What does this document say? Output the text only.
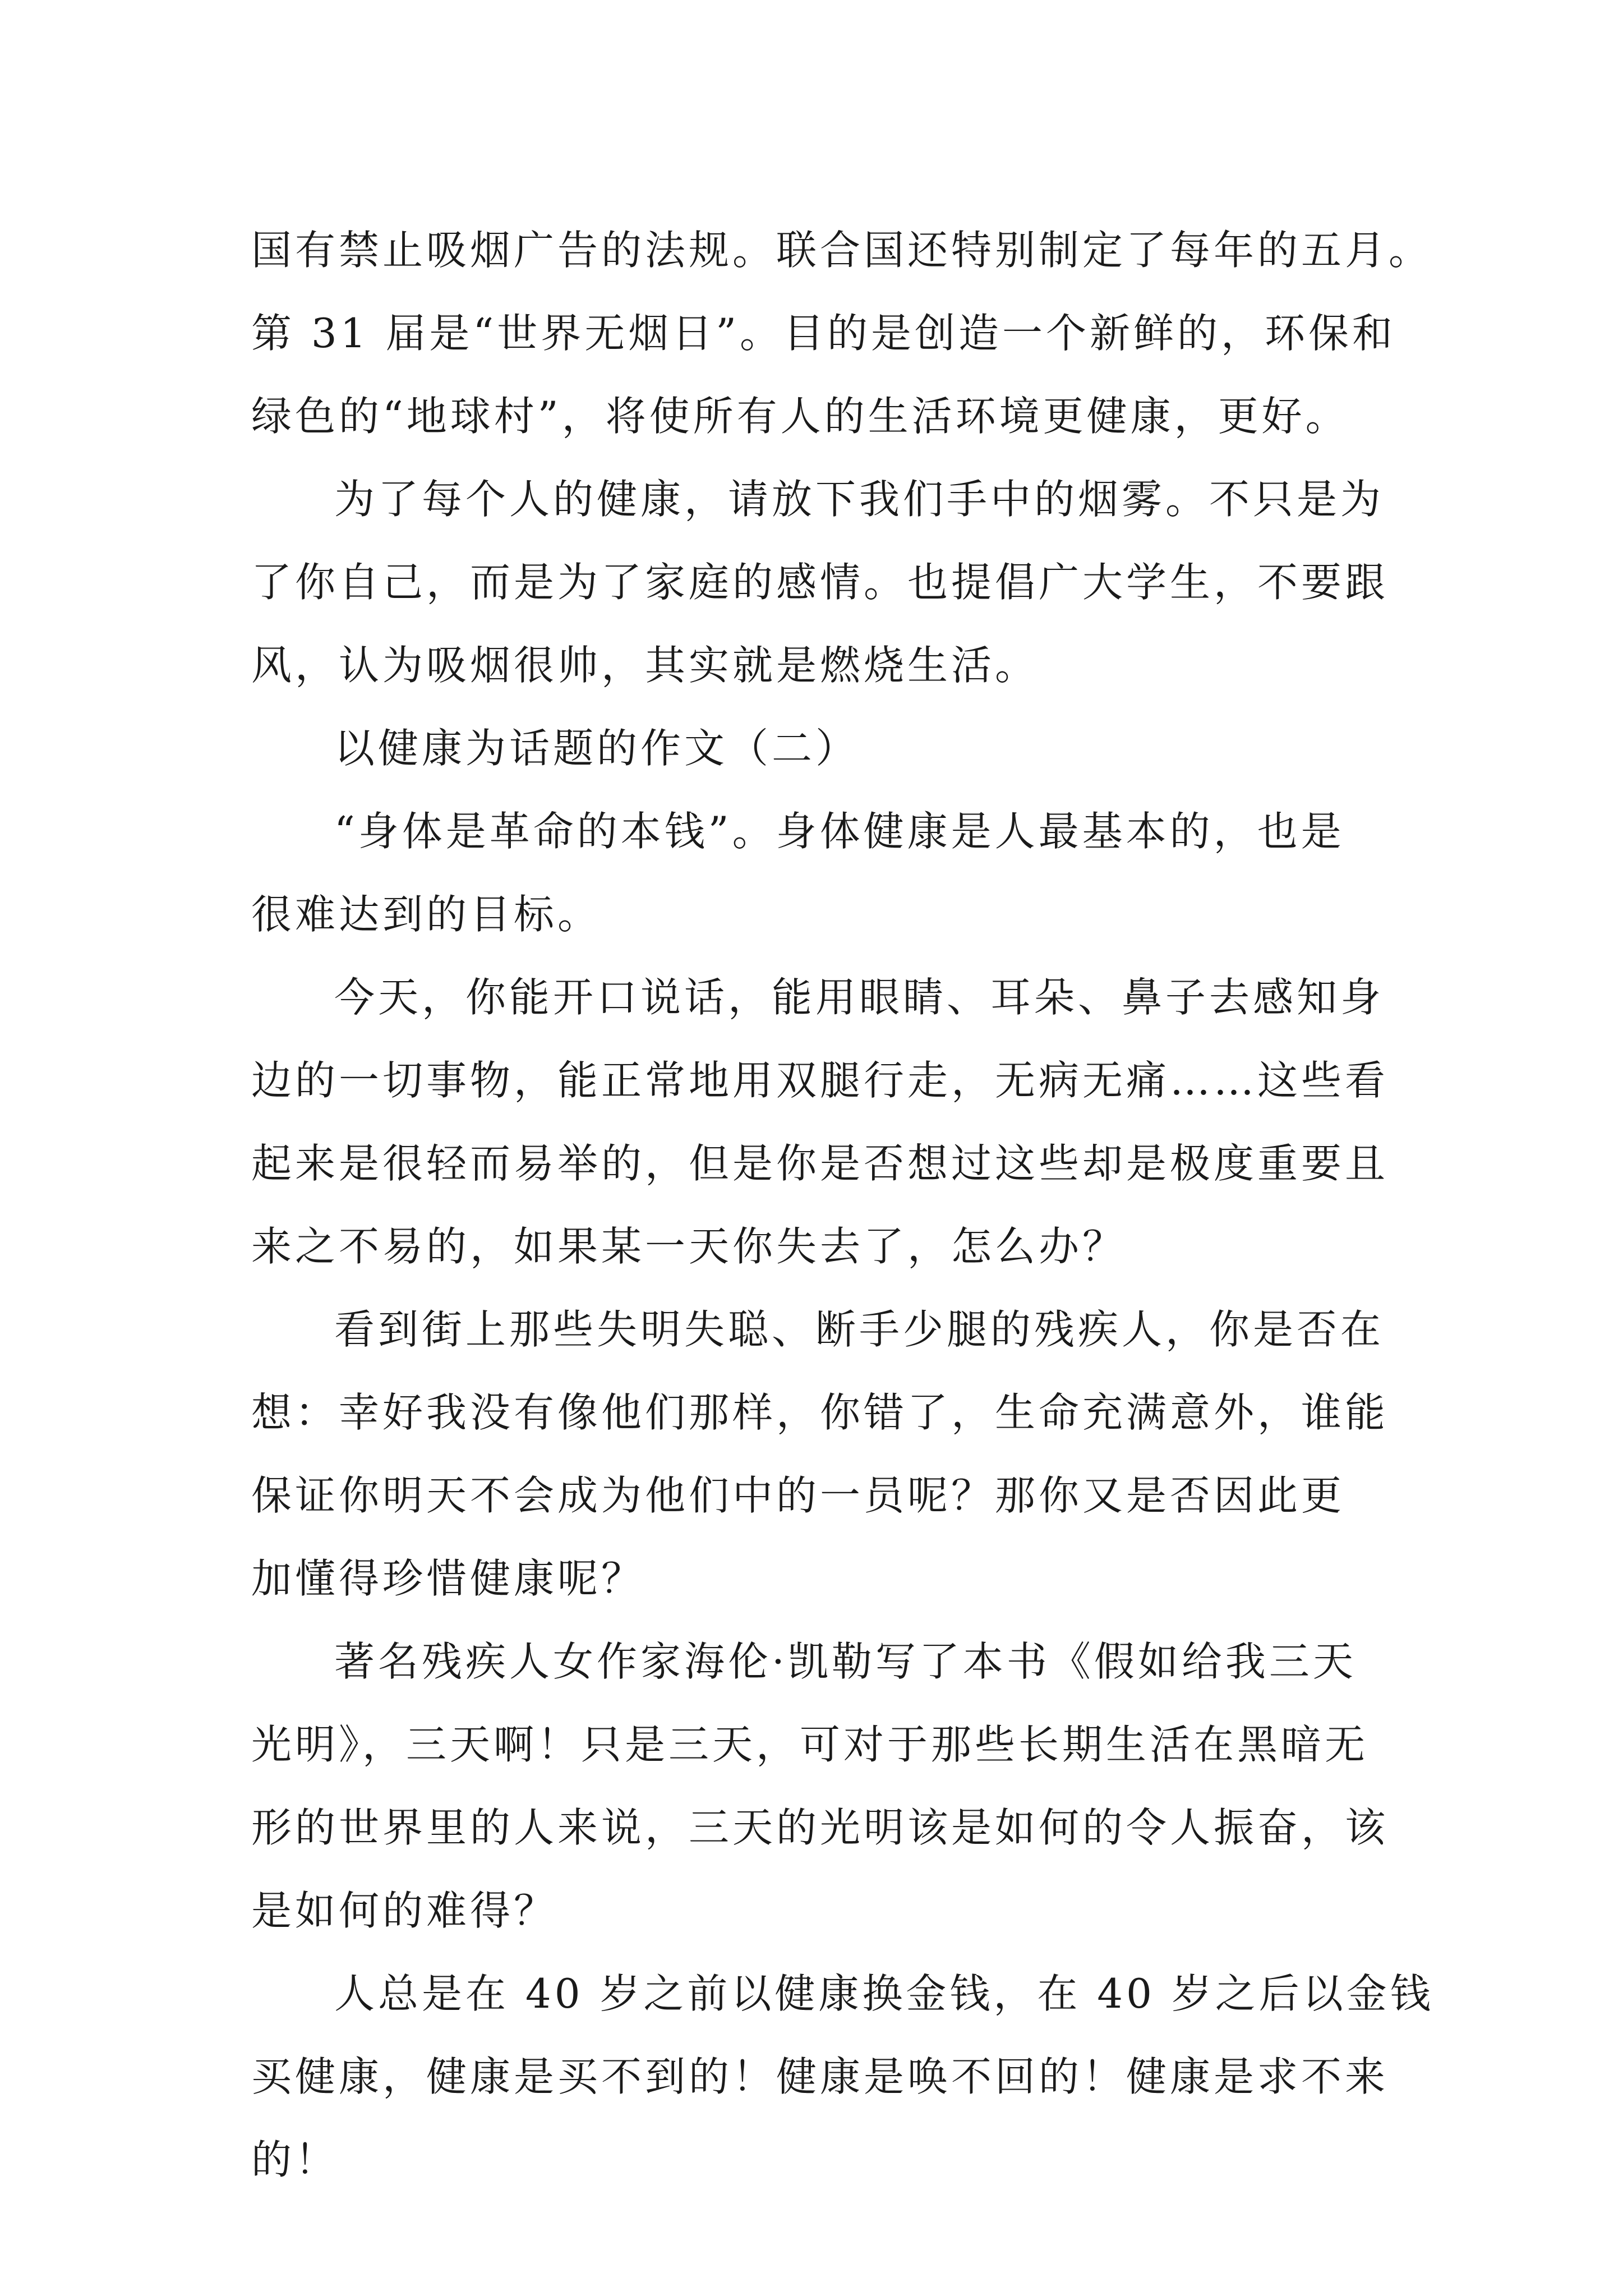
国有禁止吸烟广告的法规。联合国还特别制定了每年的五月。
第 31 届是“世界无烟日”。目的是创造一个新鲜的，环保和
绿色的“地球村”，将使所有人的生活环境更健康，更好。
为了每个人的健康，请放下我们手中的烟雾。不只是为
了你自己，而是为了家庭的感情。也提倡广大学生，不要跟
风，认为吸烟很帅，其实就是燃烧生活。
以健康为话题的作文（二）
“身体是革命的本钱”。身体健康是人最基本的，也是
很难达到的目标。
今天，你能开口说话，能用眼睛、耳朵、鼻子去感知身
边的一切事物，能正常地用双腿行走，无病无痛……这些看
起来是很轻而易举的，但是你是否想过这些却是极度重要且
来之不易的，如果某一天你失去了，怎么办？
看到街上那些失明失聪、断手少腿的残疾人，你是否在
想：幸好我没有像他们那样，你错了，生命充满意外，谁能
保证你明天不会成为他们中的一员呢？那你又是否因此更
加懂得珍惜健康呢？
著名残疾人女作家海伦·凯勒写了本书《假如给我三天
光明》，三天啊！只是三天，可对于那些长期生活在黑暗无
形的世界里的人来说，三天的光明该是如何的令人振奋，该
是如何的难得？
人总是在 40 岁之前以健康换金钱，在 40 岁之后以金钱
买健康，健康是买不到的！健康是唤不回的！健康是求不来
的！
